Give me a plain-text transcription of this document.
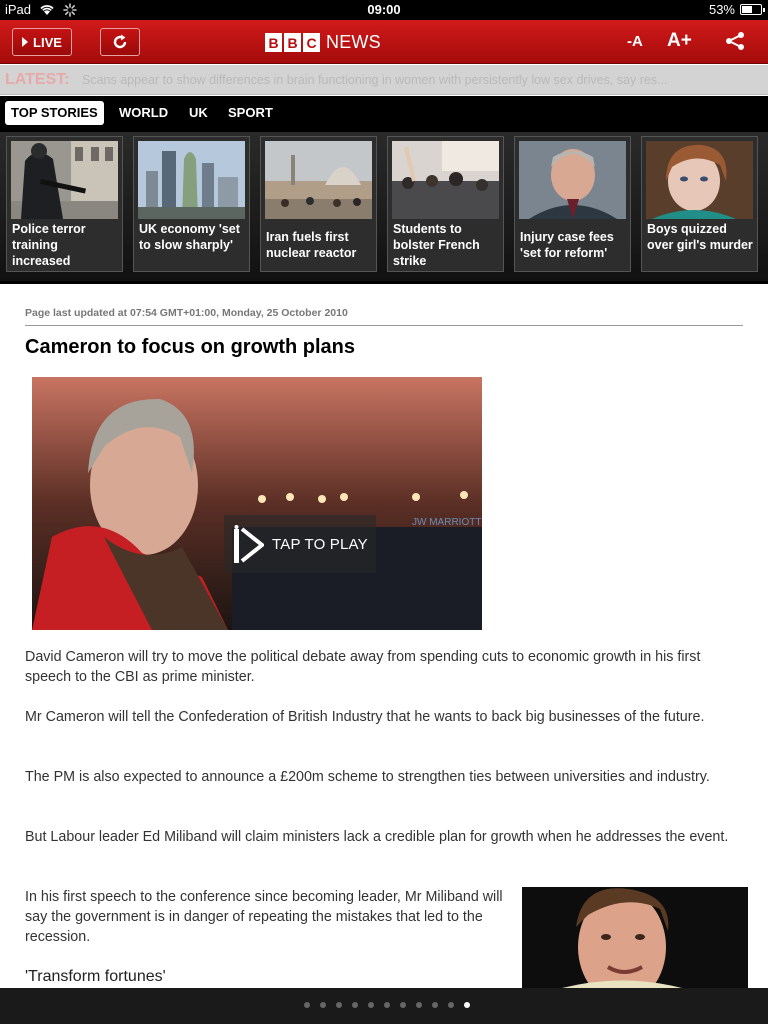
iPad	09:00	53%
LIVE	B B C NEWS	-A A+
LATEST: Scans appear to show differences in brain functioning in women with persistently low sex drives, say res...
TOP STORIES	WORLD	UK	SPORT
Police terror training increased
UK economy 'set to slow sharply'
Iran fuels first nuclear reactor
Students to bolster French strike
Injury case fees 'set for reform'
Boys quizzed over girl's murder
Page last updated at 07:54 GMT+01:00, Monday, 25 October 2010
Cameron to focus on growth plans
JW MARRIOTT
TAP TO PLAY

David Cameron will try to move the political debate away from spending cuts to economic growth in his first speech to the CBI as prime minister.

Mr Cameron will tell the Confederation of British Industry that he wants to back big businesses of the future.

The PM is also expected to announce a £200m scheme to strengthen ties between universities and industry.

But Labour leader Ed Miliband will claim ministers lack a credible plan for growth when he addresses the event.

In his first speech to the conference since becoming leader, Mr Miliband will say the government is in danger of repeating the mistakes that led to the recession.

'Transform fortunes'
